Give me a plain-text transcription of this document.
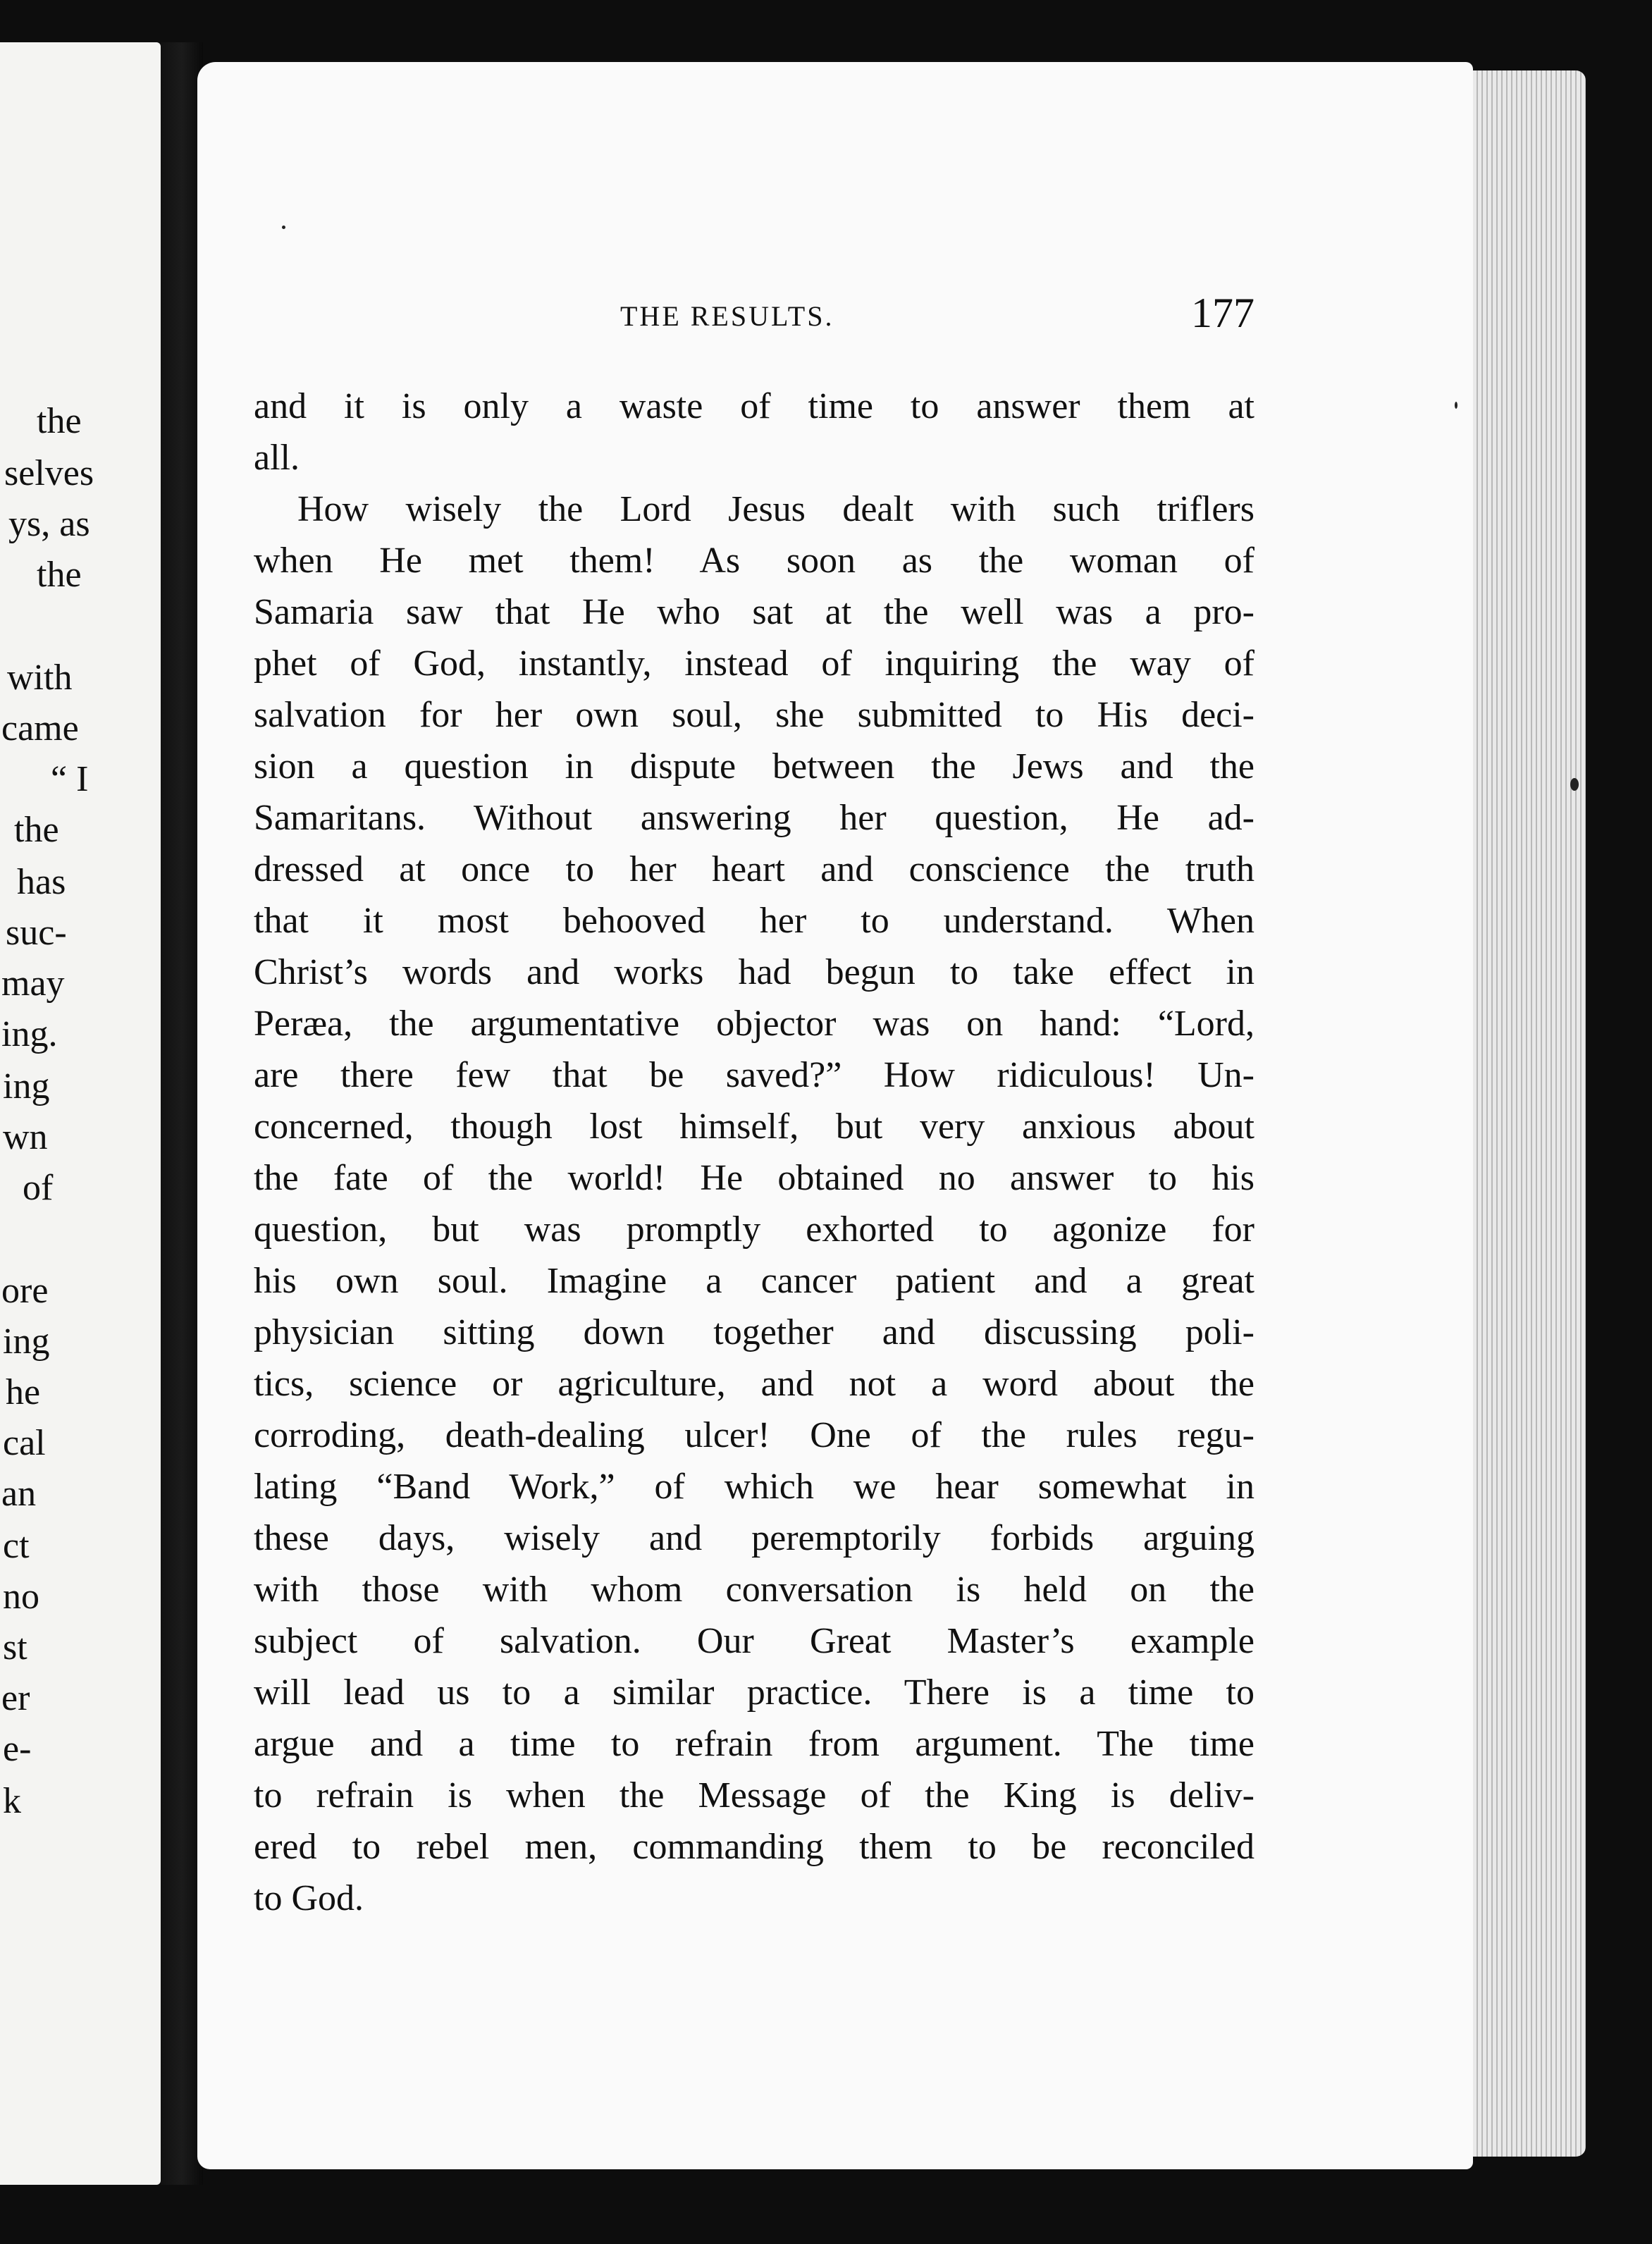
the
selves
ys, as
the
with
came
“ I
the
has
suc-
may
ing.
ing
wn
of
ore
ing
he
cal
an
ct
no
st
er
e-
k
THE RESULTS.	177
and it is only a waste of time to answer them at
all.
How wisely the Lord Jesus dealt with such triflers
when He met them! As soon as the woman of
Samaria saw that He who sat at the well was a pro-
phet of God, instantly, instead of inquiring the way of
salvation for her own soul, she submitted to His deci-
sion a question in dispute between the Jews and the
Samaritans. Without answering her question, He ad-
dressed at once to her heart and conscience the truth
that it most behooved her to understand. When
Christ’s words and works had begun to take effect in
Peræa, the argumentative objector was on hand: “Lord,
are there few that be saved?” How ridiculous! Un-
concerned, though lost himself, but very anxious about
the fate of the world! He obtained no answer to his
question, but was promptly exhorted to agonize for
his own soul. Imagine a cancer patient and a great
physician sitting down together and discussing poli-
tics, science or agriculture, and not a word about the
corroding, death-dealing ulcer! One of the rules regu-
lating “Band Work,” of which we hear somewhat in
these days, wisely and peremptorily forbids arguing
with those with whom conversation is held on the
subject of salvation. Our Great Master’s example
will lead us to a similar practice. There is a time to
argue and a time to refrain from argument. The time
to refrain is when the Message of the King is deliv-
ered to rebel men, commanding them to be reconciled
to God.
